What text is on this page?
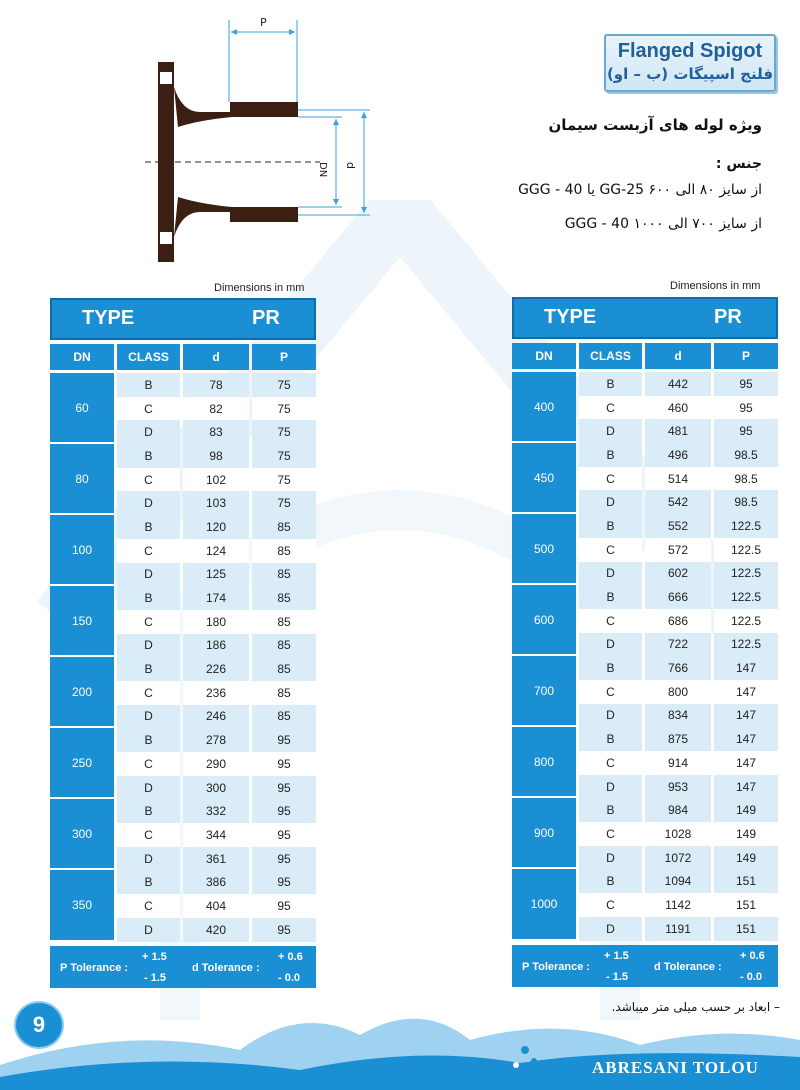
P
DN d
Flanged Spigot
فلنج اسپیگات (ب – او)
ویژه لوله های آزبست سیمان
جنس :
از سایز ۸۰ الی ۶۰۰ GG-25 یا GGG - 40
از سایز ۷۰۰ الی ۱۰۰۰ GGG - 40
Dimensions in mm	Dimensions in mm
TYPE	PR
DN	CLASS	d	P
60
B	78	75
C	82	75
D	83	75
80
B	98	75
C	102	75
D	103	75
100
B	120	85
C	124	85
D	125	85
150
B	174	85
C	180	85
D	186	85
200
B	226	85
C	236	85
D	246	85
250
B	278	95
C	290	95
D	300	95
300
B	332	95
C	344	95
D	361	95
350
B	386	95
C	404	95
D	420	95
P Tolerance :
+ 1.5
- 1.5
d Tolerance :
+ 0.6
- 0.0
TYPE	PR
DN	CLASS	d	P
400
B	442	95
C	460	95
D	481	95
450
B	496	98.5
C	514	98.5
D	542	98.5
500
B	552	122.5
C	572	122.5
D	602	122.5
600
B	666	122.5
C	686	122.5
D	722	122.5
700
B	766	147
C	800	147
D	834	147
800
B	875	147
C	914	147
D	953	147
900
B	984	149
C	1028	149
D	1072	149
1000
B	1094	151
C	1142	151
D	1191	151
P Tolerance :
+ 1.5
- 1.5
d Tolerance :
+ 0.6
- 0.0
– ابعاد بر حسب میلی متر میباشد.
9
ABRESANI TOLOU
